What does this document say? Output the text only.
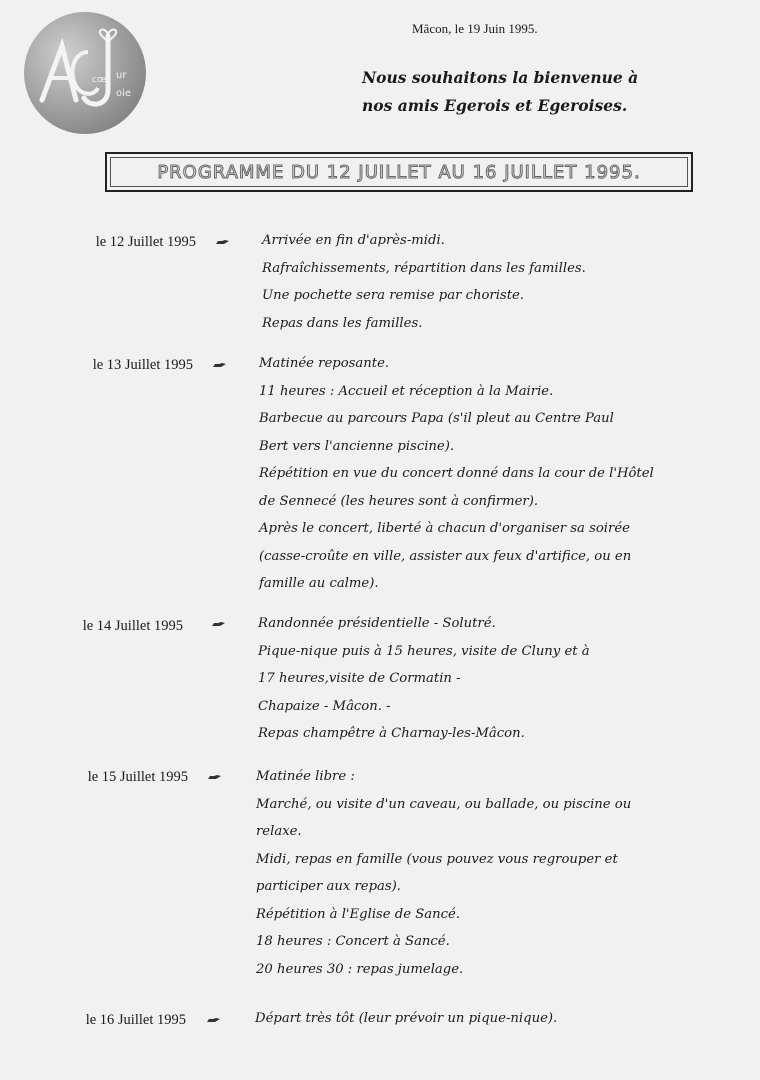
ur
oie
cœ
Mâcon, le 19 Juin 1995.
Nous souhaitons la bienvenue à
nos amis Egerois et Egeroises.
PROGRAMME DU 12 JUILLET AU 16 JUILLET 1995.
le 12 Juillet 1995	Arrivée en fin d'après-midi.
Rafraîchissements, répartition dans les familles.
Une pochette sera remise par choriste.
Repas dans les familles.
le 13 Juillet 1995	Matinée reposante.
11 heures : Accueil et réception à la Mairie.
Barbecue au parcours Papa (s'il pleut au Centre Paul
Bert vers l'ancienne piscine).
Répétition en vue du concert donné dans la cour de l'Hôtel
de Sennecé (les heures sont à confirmer).
Après le concert, liberté à chacun d'organiser sa soirée
(casse-croûte en ville, assister aux feux d'artifice, ou en
famille au calme).
le 14 Juillet 1995	Randonnée présidentielle - Solutré.
Pique-nique puis à 15 heures, visite de Cluny et à
17 heures,visite de Cormatin -
Chapaize - Mâcon. -
Repas champêtre à Charnay-les-Mâcon.
le 15 Juillet 1995	Matinée libre :
Marché, ou visite d'un caveau, ou ballade, ou piscine ou
relaxe.
Midi, repas en famille (vous pouvez vous regrouper et
participer aux repas).
Répétition à l'Eglise de Sancé.
18 heures : Concert à Sancé.
20 heures 30 : repas jumelage.
le 16 Juillet 1995	Départ très tôt (leur prévoir un pique-nique).
